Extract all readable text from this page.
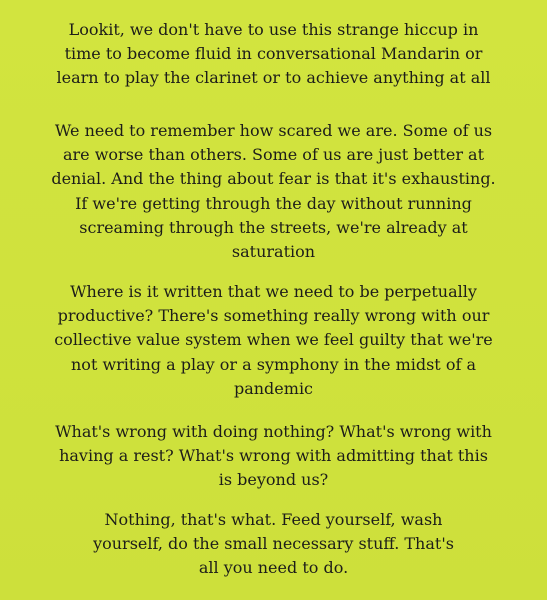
Lookit, we don't have to use this strange hiccup in
time to become fluid in conversational Mandarin or
learn to play the clarinet or to achieve anything at all

We need to remember how scared we are. Some of us
are worse than others. Some of us are just better at
denial. And the thing about fear is that it's exhausting.
If we're getting through the day without running
screaming through the streets, we're already at
saturation

Where is it written that we need to be perpetually
productive? There's something really wrong with our
collective value system when we feel guilty that we're
not writing a play or a symphony in the midst of a
pandemic

What's wrong with doing nothing? What's wrong with
having a rest? What's wrong with admitting that this
is beyond us?

Nothing, that's what. Feed yourself, wash
yourself, do the small necessary stuff. That's
all you need to do.
